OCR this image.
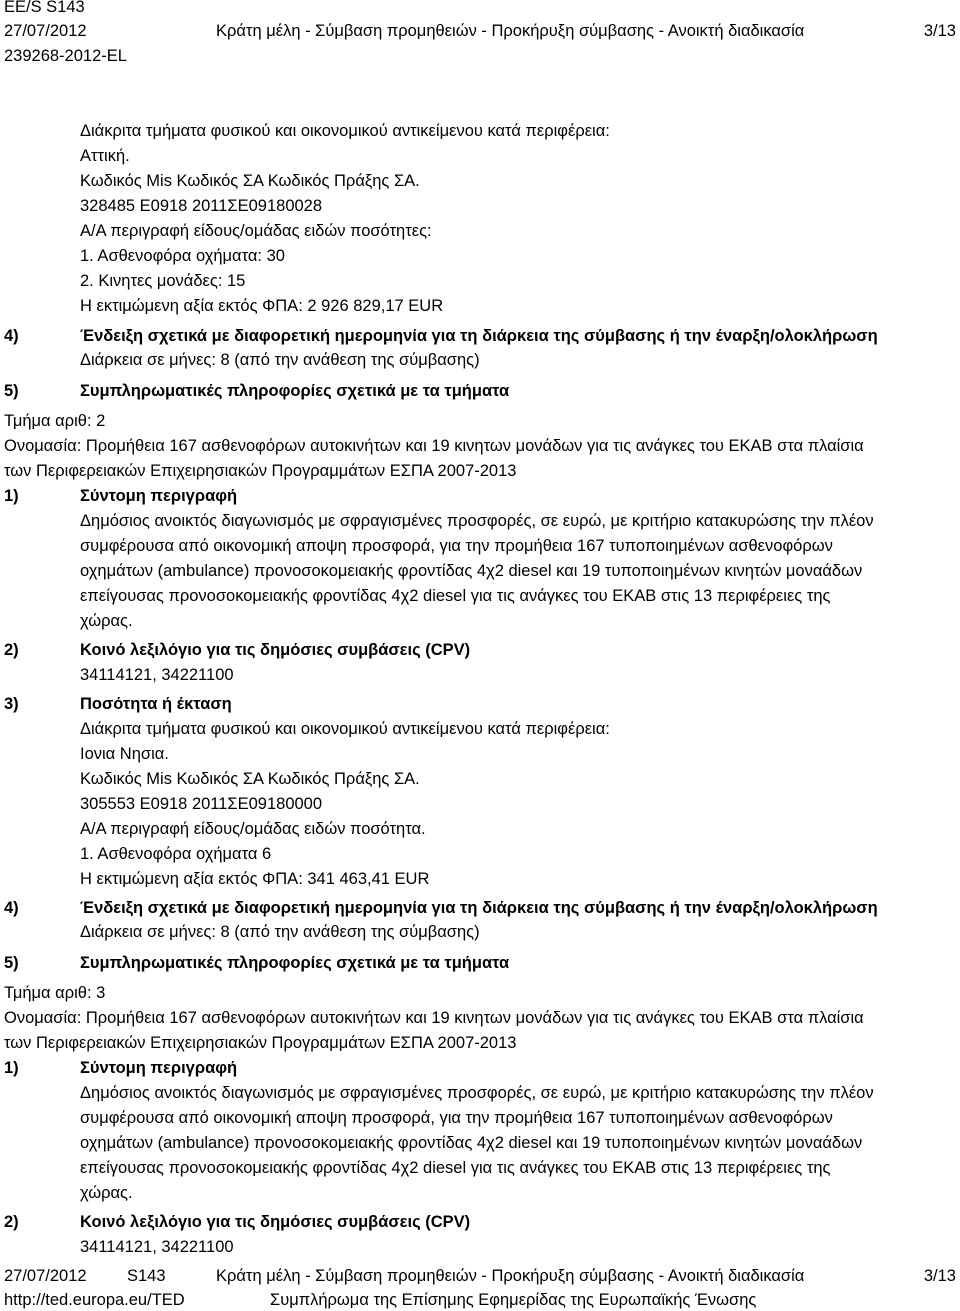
EE/S S143
27/07/2012	Κράτη μέλη - Σύμβαση προμηθειών - Προκήρυξη σύμβασης - Ανοικτή διαδικασία	3/13
239268-2012-EL
Διάκριτα τμήματα φυσικού και οικονομικού αντικείμενου κατά περιφέρεια:
Αττική.
Κωδικός Mis Κωδικός ΣΑ Κωδικός Πράξης ΣΑ.
328485 Ε0918 2011ΣΕ09180028
Α/Α περιγραφή είδους/ομάδας ειδών ποσότητες:
1. Ασθενοφόρα οχήματα: 30
2. Κινητες μονάδες: 15
Η εκτιμώμενη αξία εκτός ΦΠΑ: 2 926 829,17 EUR
4)	Ένδειξη σχετικά με διαφορετική ημερομηνία για τη διάρκεια της σύμβασης ή την έναρξη/ολοκλήρωση
Διάρκεια σε μήνες: 8 (από την ανάθεση της σύμβασης)
5)	Συμπληρωματικές πληροφορίες σχετικά με τα τμήματα
Τμήμα αριθ: 2
Ονομασία: Προμήθεια 167 ασθενοφόρων αυτοκινήτων και 19 κινητων μονάδων για τις ανάγκες του ΕΚΑΒ στα πλαίσια
των Περιφερειακών Επιχειρησιακών Προγραμμάτων ΕΣΠΑ 2007-2013
1)	Σύντομη περιγραφή
Δημόσιος ανοικτός διαγωνισμός με σφραγισμένες προσφορές, σε ευρώ, με κριτήριο κατακυρώσης την πλέον
συμφέρουσα από οικονομική αποψη προσφορά, για την προμήθεια 167 τυποποιημένων ασθενοφόρων
οχημάτων (ambulance) προνοσοκομειακής φροντίδας 4χ2 diesel και 19 τυποποιημένων κινητών μοναάδων
επείγουσας προνοσοκομειακής φροντίδας 4χ2 diesel για τις ανάγκες του ΕΚΑΒ στις 13 περιφέρειες της
χώρας.
2)	Κοινό λεξιλόγιο για τις δημόσιες συμβάσεις (CPV)
34114121, 34221100
3)	Ποσότητα ή έκταση
Διάκριτα τμήματα φυσικού και οικονομικού αντικείμενου κατά περιφέρεια:
Ιονια Νησια.
Κωδικός Mis Κωδικός ΣΑ Κωδικός Πράξης ΣΑ.
305553 Ε0918 2011ΣΕ09180000
Α/Α περιγραφή είδους/ομάδας ειδών ποσότητα.
1. Ασθενοφόρα οχήματα 6
Η εκτιμώμενη αξία εκτός ΦΠΑ: 341 463,41 EUR
4)	Ένδειξη σχετικά με διαφορετική ημερομηνία για τη διάρκεια της σύμβασης ή την έναρξη/ολοκλήρωση
Διάρκεια σε μήνες: 8 (από την ανάθεση της σύμβασης)
5)	Συμπληρωματικές πληροφορίες σχετικά με τα τμήματα
Τμήμα αριθ: 3
Ονομασία: Προμήθεια 167 ασθενοφόρων αυτοκινήτων και 19 κινητων μονάδων για τις ανάγκες του ΕΚΑΒ στα πλαίσια
των Περιφερειακών Επιχειρησιακών Προγραμμάτων ΕΣΠΑ 2007-2013
1)	Σύντομη περιγραφή
Δημόσιος ανοικτός διαγωνισμός με σφραγισμένες προσφορές, σε ευρώ, με κριτήριο κατακυρώσης την πλέον
συμφέρουσα από οικονομική αποψη προσφορά, για την προμήθεια 167 τυποποιημένων ασθενοφόρων
οχημάτων (ambulance) προνοσοκομειακής φροντίδας 4χ2 diesel και 19 τυποποιημένων κινητών μοναάδων
επείγουσας προνοσοκομειακής φροντίδας 4χ2 diesel για τις ανάγκες του ΕΚΑΒ στις 13 περιφέρειες της
χώρας.
2)	Κοινό λεξιλόγιο για τις δημόσιες συμβάσεις (CPV)
34114121, 34221100
27/07/2012 S143	Κράτη μέλη - Σύμβαση προμηθειών - Προκήρυξη σύμβασης - Ανοικτή διαδικασία	3/13
http://ted.europa.eu/TED	Συμπλήρωμα της Επίσημης Εφημερίδας της Ευρωπαϊκής Ένωσης
